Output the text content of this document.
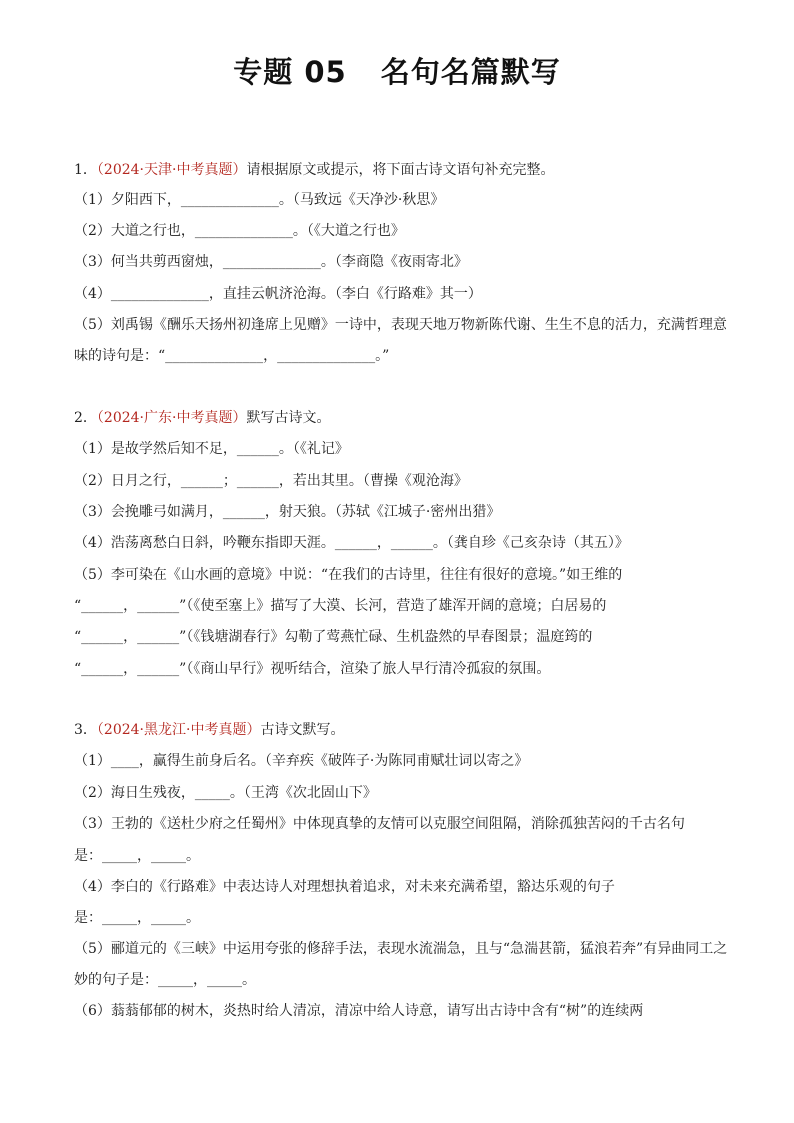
专题 05 名句名篇默写
1．（2024·天津·中考真题）请根据原文或提示，将下面古诗文语句补充完整。
（1）夕阳西下，______________。（马致远《天净沙·秋思》
（2）大道之行也，______________。（《大道之行也》
（3）何当共剪西窗烛，______________。（李商隐《夜雨寄北》
（4）______________，直挂云帆济沧海。（李白《行路难》其一）
（5）刘禹锡《酬乐天扬州初逢席上见赠》一诗中，表现天地万物新陈代谢、生生不息的活力，充满哲理意
味的诗句是：“______________，______________。”
2．（2024·广东·中考真题）默写古诗文。
（1）是故学然后知不足，______。（《礼记》
（2）日月之行，______；______，若出其里。（曹操《观沧海》
（3）会挽雕弓如满月，______，射天狼。（苏轼《江城子·密州出猎》
（4）浩荡离愁白日斜，吟鞭东指即天涯。______，______。（龚自珍《己亥杂诗（其五）》
（5）李可染在《山水画的意境》中说：“在我们的古诗里，往往有很好的意境。”如王维的
“______，______”（《使至塞上》描写了大漠、长河，营造了雄浑开阔的意境；白居易的
“______，______”（《钱塘湖春行》勾勒了莺燕忙碌、生机盎然的早春图景；温庭筠的
“______，______”（《商山早行》视听结合，渲染了旅人早行清冷孤寂的氛围。
3．（2024·黑龙江·中考真题）古诗文默写。
（1）____，赢得生前身后名。（辛弃疾《破阵子·为陈同甫赋壮词以寄之》
（2）海日生残夜，_____。（王湾《次北固山下》
（3）王勃的《送杜少府之任蜀州》中体现真挚的友情可以克服空间阻隔，消除孤独苦闷的千古名句
是：_____，_____。
（4）李白的《行路难》中表达诗人对理想执着追求，对未来充满希望，豁达乐观的句子
是：_____，_____。
（5）郦道元的《三峡》中运用夸张的修辞手法，表现水流湍急，且与“急湍甚箭，猛浪若奔”有异曲同工之
妙的句子是：_____，_____。
（6）蓊蓊郁郁的树木，炎热时给人清凉，清凉中给人诗意，请写出古诗中含有“树”的连续两
